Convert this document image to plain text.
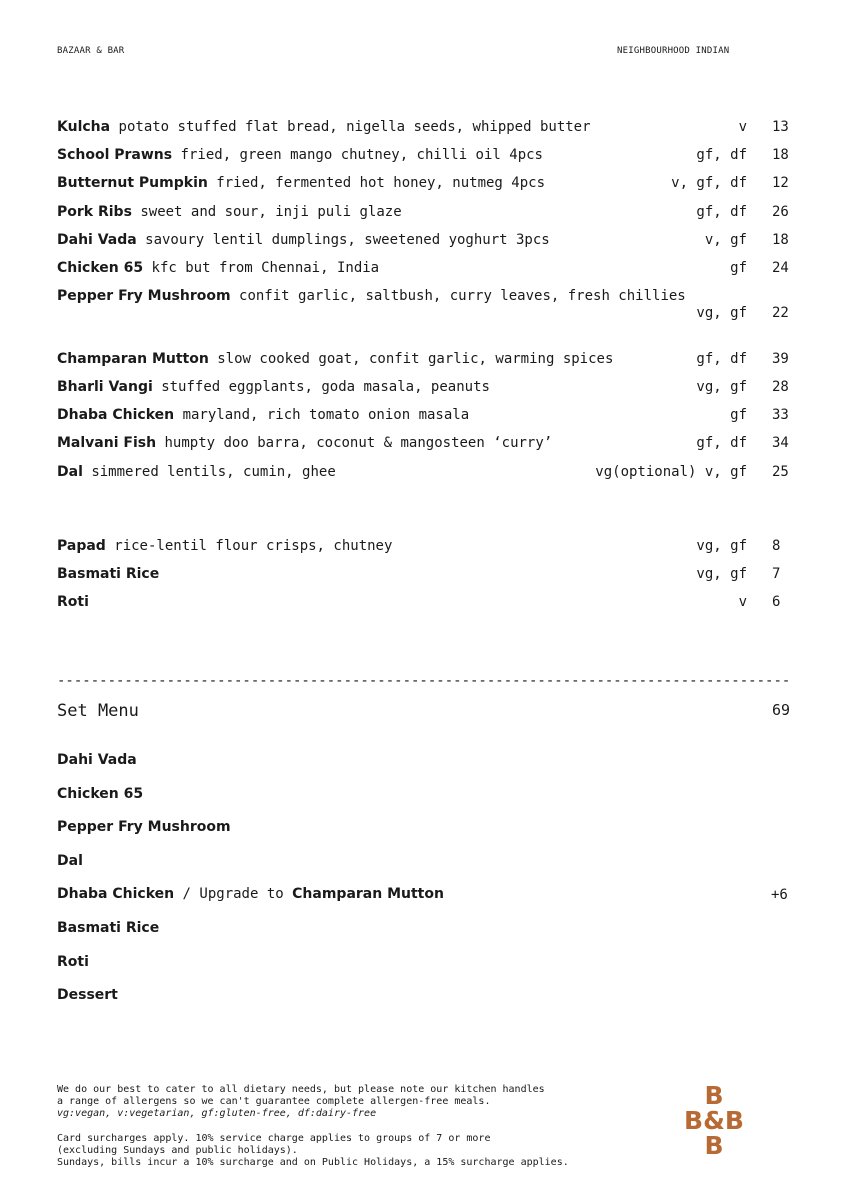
BAZAAR & BAR	NEIGHBOURHOOD INDIAN
Kulcha potato stuffed flat bread, nigella seeds, whipped butter	v 13
School Prawns fried, green mango chutney, chilli oil 4pcs	gf, df 18
Butternut Pumpkin fried, fermented hot honey, nutmeg 4pcs	v, gf, df 12
Pork Ribs sweet and sour, inji puli glaze	gf, df 26
Dahi Vada savoury lentil dumplings, sweetened yoghurt 3pcs	v, gf 18
Chicken 65 kfc but from Chennai, India	gf 24
Pepper Fry Mushroom confit garlic, saltbush, curry leaves, fresh chillies
vg, gf 22
Champaran Mutton slow cooked goat, confit garlic, warming spices	gf, df 39
Bharli Vangi stuffed eggplants, goda masala, peanuts	vg, gf 28
Dhaba Chicken maryland, rich tomato onion masala	gf 33
Malvani Fish humpty doo barra, coconut & mangosteen ‘curry’	gf, df 34
Dal simmered lentils, cumin, ghee	vg(optional) v, gf 25
Papad rice-lentil flour crisps, chutney	vg, gf 8
Basmati Rice	vg, gf 7
Roti	v 6
---------------------------------------------------------------------------------------
Set Menu	69
Dahi Vada
Chicken 65
Pepper Fry Mushroom
Dal
Dhaba Chicken / Upgrade to Champaran Mutton	+6
Basmati Rice
Roti
Dessert
We do our best to cater to all dietary needs, but please note our kitchen handles
a range of allergens so we can't guarantee complete allergen-free meals.
vg:vegan, v:vegetarian, gf:gluten-free, df:dairy-free
Card surcharges apply. 10% service charge applies to groups of 7 or more
(excluding Sundays and public holidays).
Sundays, bills incur a 10% surcharge and on Public Holidays, a 15% surcharge applies.
B
B&B
B
